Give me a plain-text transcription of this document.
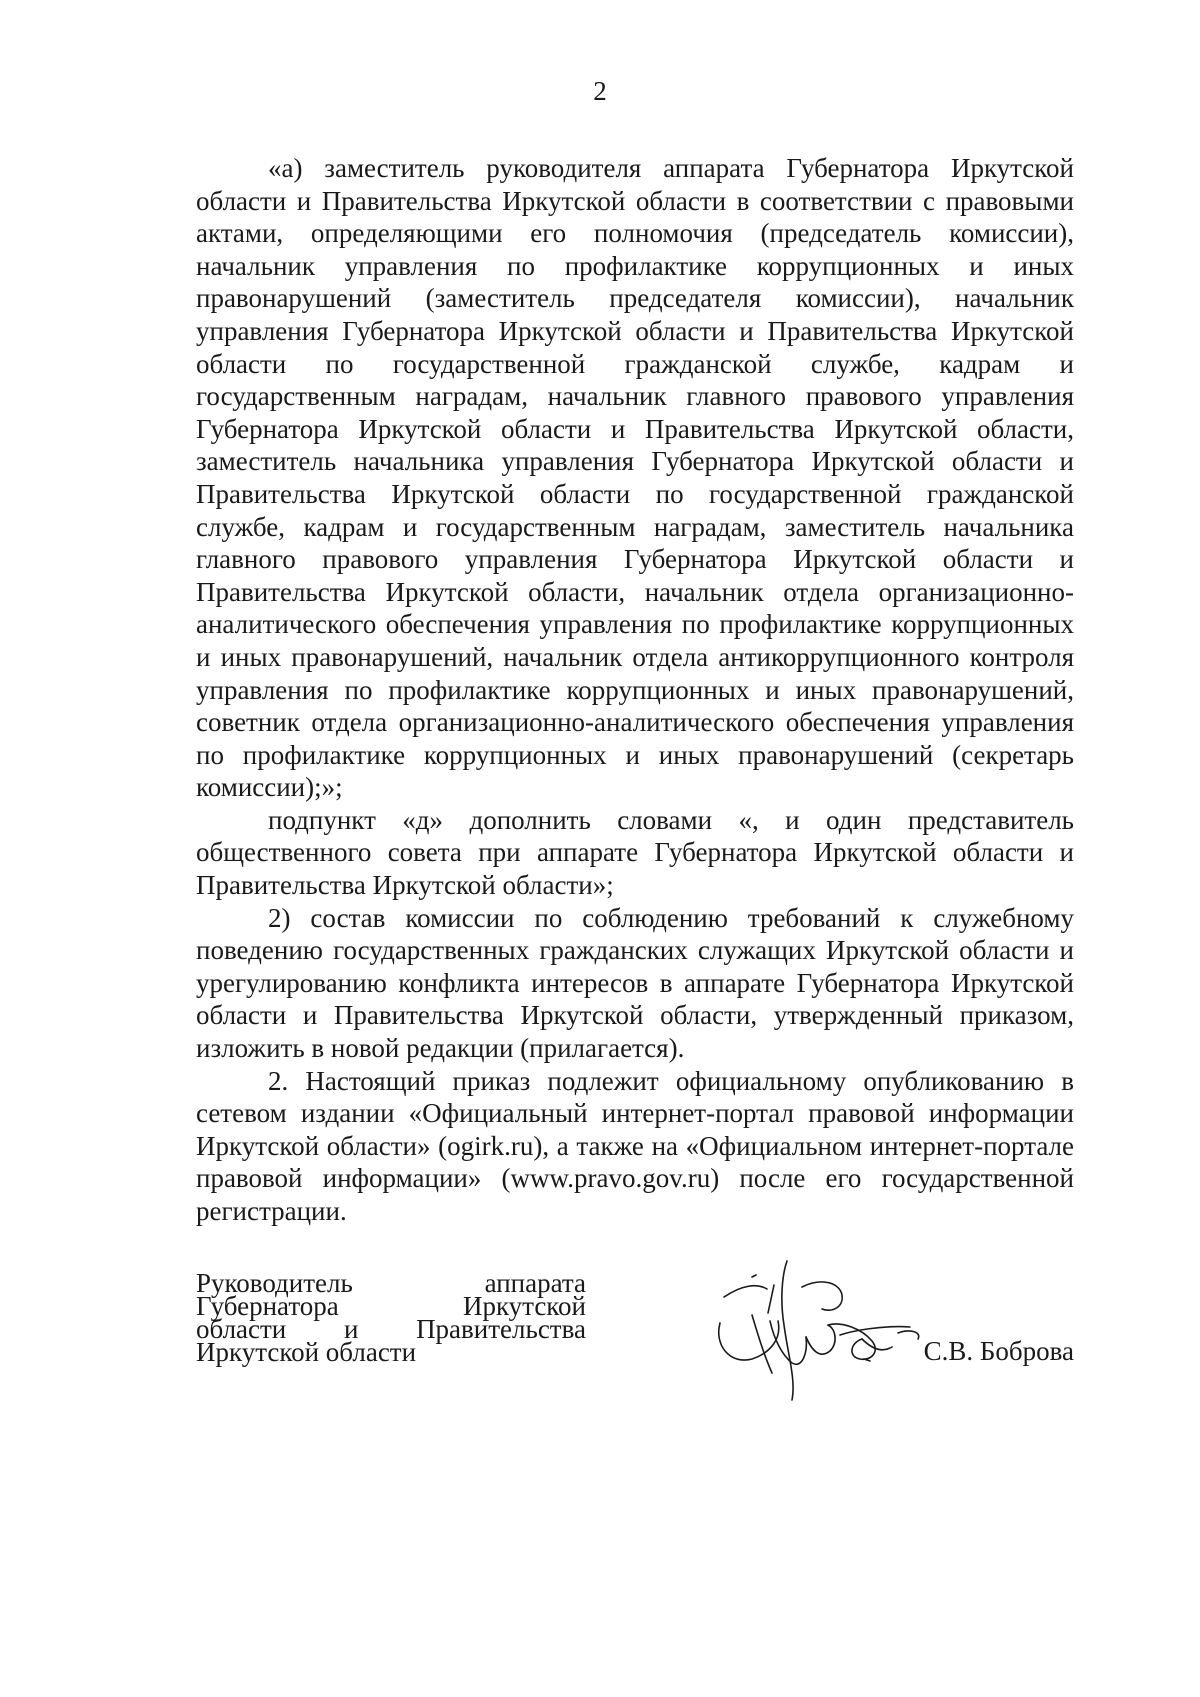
2

«а) заместитель руководителя аппарата Губернатора Иркутской области и Правительства Иркутской области в соответствии с правовыми актами, определяющими его полномочия (председатель комиссии), начальник управления по профилактике коррупционных и иных правонарушений (заместитель председателя комиссии), начальник управления Губернатора Иркутской области и Правительства Иркутской области по государственной гражданской службе, кадрам и государственным наградам, начальник главного правового управления Губернатора Иркутской области и Правительства Иркутской области, заместитель начальника управления Губернатора Иркутской области и Правительства Иркутской области по государственной гражданской службе, кадрам и государственным наградам, заместитель начальника главного правового управления Губернатора Иркутской области и Правительства Иркутской области, начальник отдела организационно-аналитического обеспечения управления по профилактике коррупционных и иных правонарушений, начальник отдела антикоррупционного контроля управления по профилактике коррупционных и иных правонарушений, советник отдела организационно-аналитического обеспечения управления по профилактике коррупционных и иных правонарушений (секретарь комиссии);»;

подпункт «д» дополнить словами «, и один представитель общественного совета при аппарате Губернатора Иркутской области и Правительства Иркутской области»;

2) состав комиссии по соблюдению требований к служебному поведению государственных гражданских служащих Иркутской области и урегулированию конфликта интересов в аппарате Губернатора Иркутской области и Правительства Иркутской области, утвержденный приказом, изложить в новой редакции (прилагается).

2. Настоящий приказ подлежит официальному опубликованию в сетевом издании «Официальный интернет-портал правовой информации Иркутской области» (ogirk.ru), а также на «Официальном интернет-портале правовой информации» (www.pravo.gov.ru) после его государственной регистрации.

Руководитель	аппарата
Губернатора	Иркутской
области и Правительства
Иркутской области	С.В. Боброва
